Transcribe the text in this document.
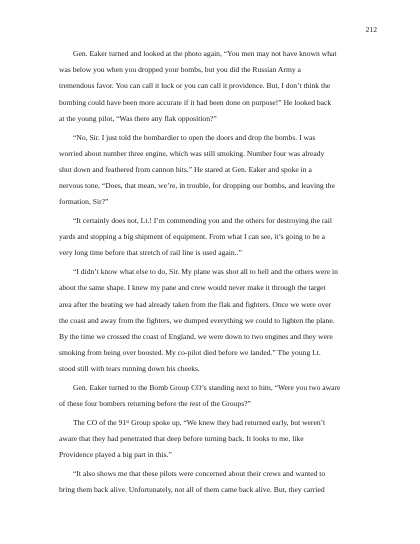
212
Gen. Eaker turned and looked at the photo again, “You men may not have known what
was below you when you dropped your bombs, but you did the Russian Army a
tremendous favor. You can call it luck or you can call it providence. But, I don’t think the
bombing could have been more accurate if it had been done on purpose!” He looked back
at the young pilot, “Was there any flak opposition?”
“No, Sir. I just told the bombardier to open the doors and drop the bombs. I was
worried about number three engine, which was still smoking. Number four was already
shut down and feathered from cannon hits.” He stared at Gen. Eaker and spoke in a
nervous tone, “Does, that mean, we’re, in trouble, for dropping our bombs, and leaving the
formation, Sir?”
“It certainly does not, Lt.! I’m commending you and the others for destroying the rail
yards and stopping a big shipment of equipment. From what I can see, it’s going to be a
very long time before that stretch of rail line is used again..”
“I didn’t know what else to do, Sir. My plane was shot all to hell and the others were in
about the same shape. I knew my pane and crew would never make it through the target
area after the beating we had already taken from the flak and fighters. Once we were over
the coast and away from the fighters, we dumped everything we could to lighten the plane.
By the time we crossed the coast of England, we were down to two engines and they were
smoking from being over boosted. My co-pilot died before we landed.” The young Lt.
stood still with tears running down his cheeks.
Gen. Eaker turned to the Bomb Group CO’s standing next to him, “Were you two aware
of these four bombers returning before the rest of the Groups?”
The CO of the 91ˢᵗ Group spoke up, “We knew they had returned early, but weren’t
aware that they had penetrated that deep before turning back. It looks to me, like
Providence played a big part in this.”
“It also shows me that these pilots were concerned about their crews and wanted to
bring them back alive. Unfortunately, not all of them came back alive. But, they carried
